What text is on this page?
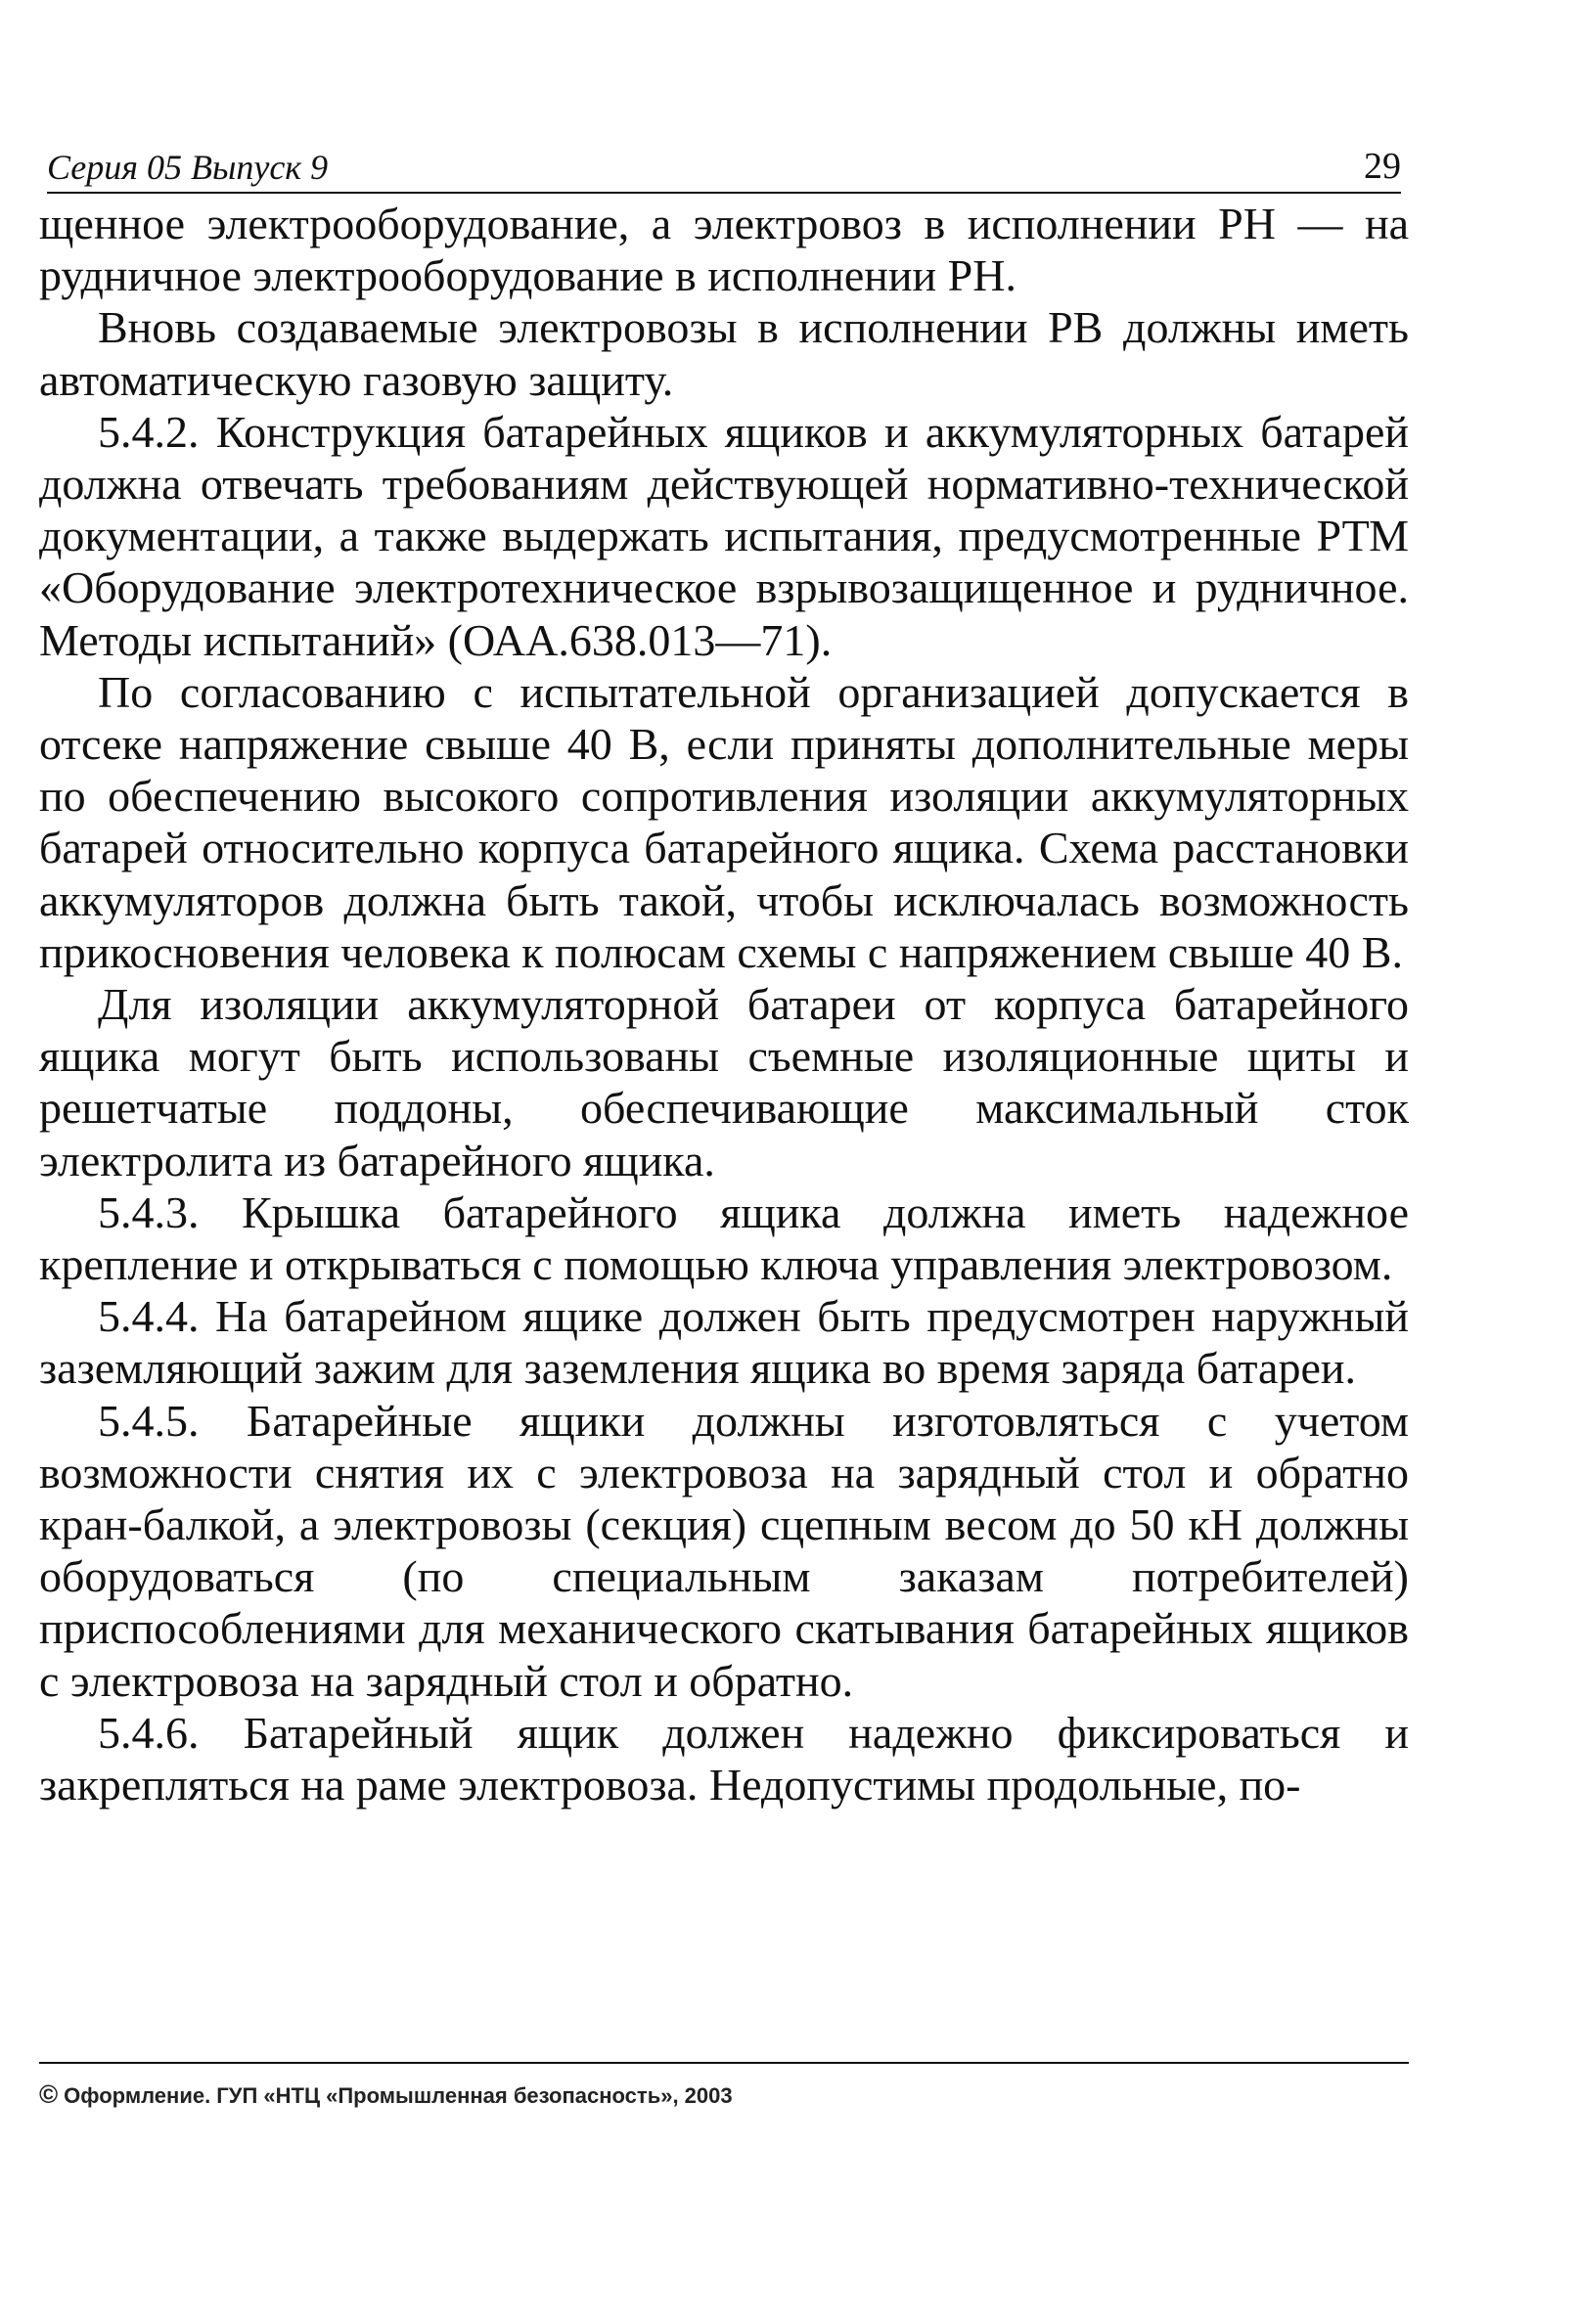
Серия 05 Выпуск 9	29

щенное электрооборудование, а электровоз в исполнении РН — на рудничное электрооборудование в исполнении РН.

Вновь создаваемые электровозы в исполнении РВ должны иметь автоматическую газовую защиту.

5.4.2. Конструкция батарейных ящиков и аккумуляторных батарей должна отвечать требованиям действующей нормативно-технической документации, а также выдержать испытания, предусмотренные РТМ «Оборудование электротехническое взрывозащищенное и рудничное. Методы испытаний» (ОАА.638.013—71).

По согласованию с испытательной организацией допускается в отсеке напряжение свыше 40 В, если приняты дополнительные меры по обеспечению высокого сопротивления изоляции аккумуляторных батарей относительно корпуса батарейного ящика. Схема расстановки аккумуляторов должна быть такой, чтобы исключалась возможность прикосновения человека к полюсам схемы с напряжением свыше 40 В.

Для изоляции аккумуляторной батареи от корпуса батарейного ящика могут быть использованы съемные изоляционные щиты и решетчатые поддоны, обеспечивающие максимальный сток электролита из батарейного ящика.

5.4.3. Крышка батарейного ящика должна иметь надежное крепление и открываться с помощью ключа управления электровозом.

5.4.4. На батарейном ящике должен быть предусмотрен наружный заземляющий зажим для заземления ящика во время заряда батареи.

5.4.5. Батарейные ящики должны изготовляться с учетом возможности снятия их с электровоза на зарядный стол и обратно кран-балкой, а электровозы (секция) сцепным весом до 50 кН должны оборудоваться (по специальным заказам потребителей) приспособлениями для механического скатывания батарейных ящиков с электровоза на зарядный стол и обратно.

5.4.6. Батарейный ящик должен надежно фиксироваться и закрепляться на раме электровоза. Недопустимы продольные, по-

© Оформление. ГУП «НТЦ «Промышленная безопасность», 2003
